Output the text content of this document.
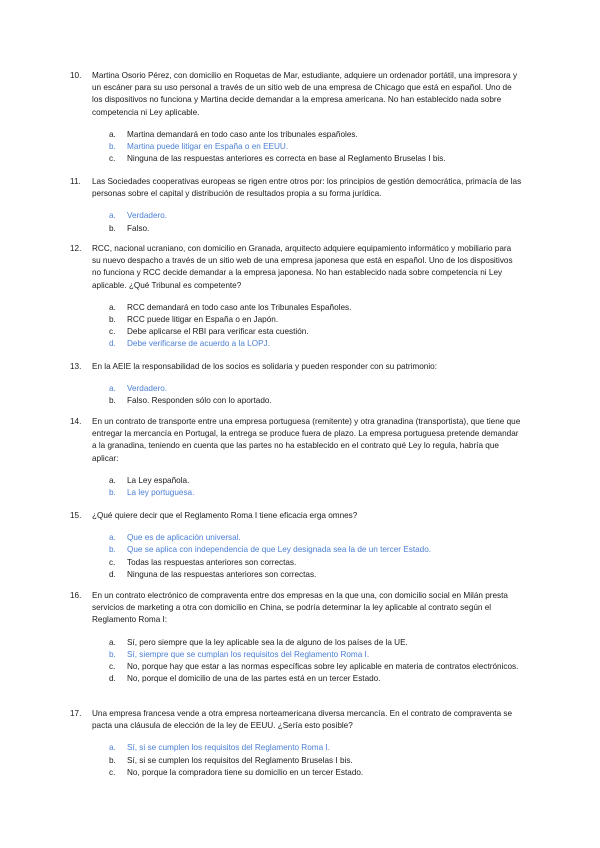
10. Martina Osorio Pérez, con domicilio en Roquetas de Mar, estudiante, adquiere un ordenador portátil, una impresora y un escáner para su uso personal a través de un sitio web de una empresa de Chicago que está en español. Uno de los dispositivos no funciona y Martina decide demandar a la empresa americana. No han establecido nada sobre competencia ni Ley aplicable.

a. Martina demandará en todo caso ante los tribunales españoles.
b. Martina puede litigar en España o en EEUU.
c. Ninguna de las respuestas anteriores es correcta en base al Reglamento Bruselas I bis.
11. Las Sociedades cooperativas europeas se rigen entre otros por: los principios de gestión democrática, primacía de las personas sobre el capital y distribución de resultados propia a su forma jurídica.

a. Verdadero.
b. Falso.
12. RCC, nacional ucraniano, con domicilio en Granada, arquitecto adquiere equipamiento informático y mobiliario para su nuevo despacho a través de un sitio web de una empresa japonesa que está en español. Uno de los dispositivos no funciona y RCC decide demandar a la empresa japonesa. No han establecido nada sobre competencia ni Ley aplicable. ¿Qué Tribunal es competente?

a. RCC demandará en todo caso ante los Tribunales Españoles.
b. RCC puede litigar en España o en Japón.
c. Debe aplicarse el RBI para verificar esta cuestión.
d. Debe verificarse de acuerdo a la LOPJ.
13. En la AEIE la responsabilidad de los socios es solidaria y pueden responder con su patrimonio:

a. Verdadero.
b. Falso. Responden sólo con lo aportado.
14. En un contrato de transporte entre una empresa portuguesa (remitente) y otra granadina (transportista), que tiene que entregar la mercancía en Portugal, la entrega se produce fuera de plazo. La empresa portuguesa pretende demandar a la granadina, teniendo en cuenta que las partes no ha establecido en el contrato qué Ley lo regula, habría que aplicar:

a. La Ley española.
b. La ley portuguesa.
15. ¿Qué quiere decir que el Reglamento Roma I tiene eficacia erga omnes?

a. Que es de aplicación universal.
b. Que se aplica con independencia de que Ley designada sea la de un tercer Estado.
c. Todas las respuestas anteriores son correctas.
d. Ninguna de las respuestas anteriores son correctas.
16. En un contrato electrónico de compraventa entre dos empresas en la que una, con domicilio social en Milán presta servicios de marketing a otra con domicilio en China, se podría determinar la ley aplicable al contrato según el Reglamento Roma I:

a. Sí, pero siempre que la ley aplicable sea la de alguno de los países de la UE.
b. Sí, siempre que se cumplan los requisitos del Reglamento Roma I.
c. No, porque hay que estar a las normas específicas sobre ley aplicable en materia de contratos electrónicos.
d. No, porque el domicilio de una de las partes está en un tercer Estado.
17. Una empresa francesa vende a otra empresa norteamericana diversa mercancía. En el contrato de compraventa se pacta una cláusula de elección de la ley de EEUU. ¿Sería esto posible?

a. Sí, si se cumplen los requisitos del Reglamento Roma I.
b. Sí, si se cumplen los requisitos del Reglamento Bruselas I bis.
c. No, porque la compradora tiene su domicilio en un tercer Estado.
